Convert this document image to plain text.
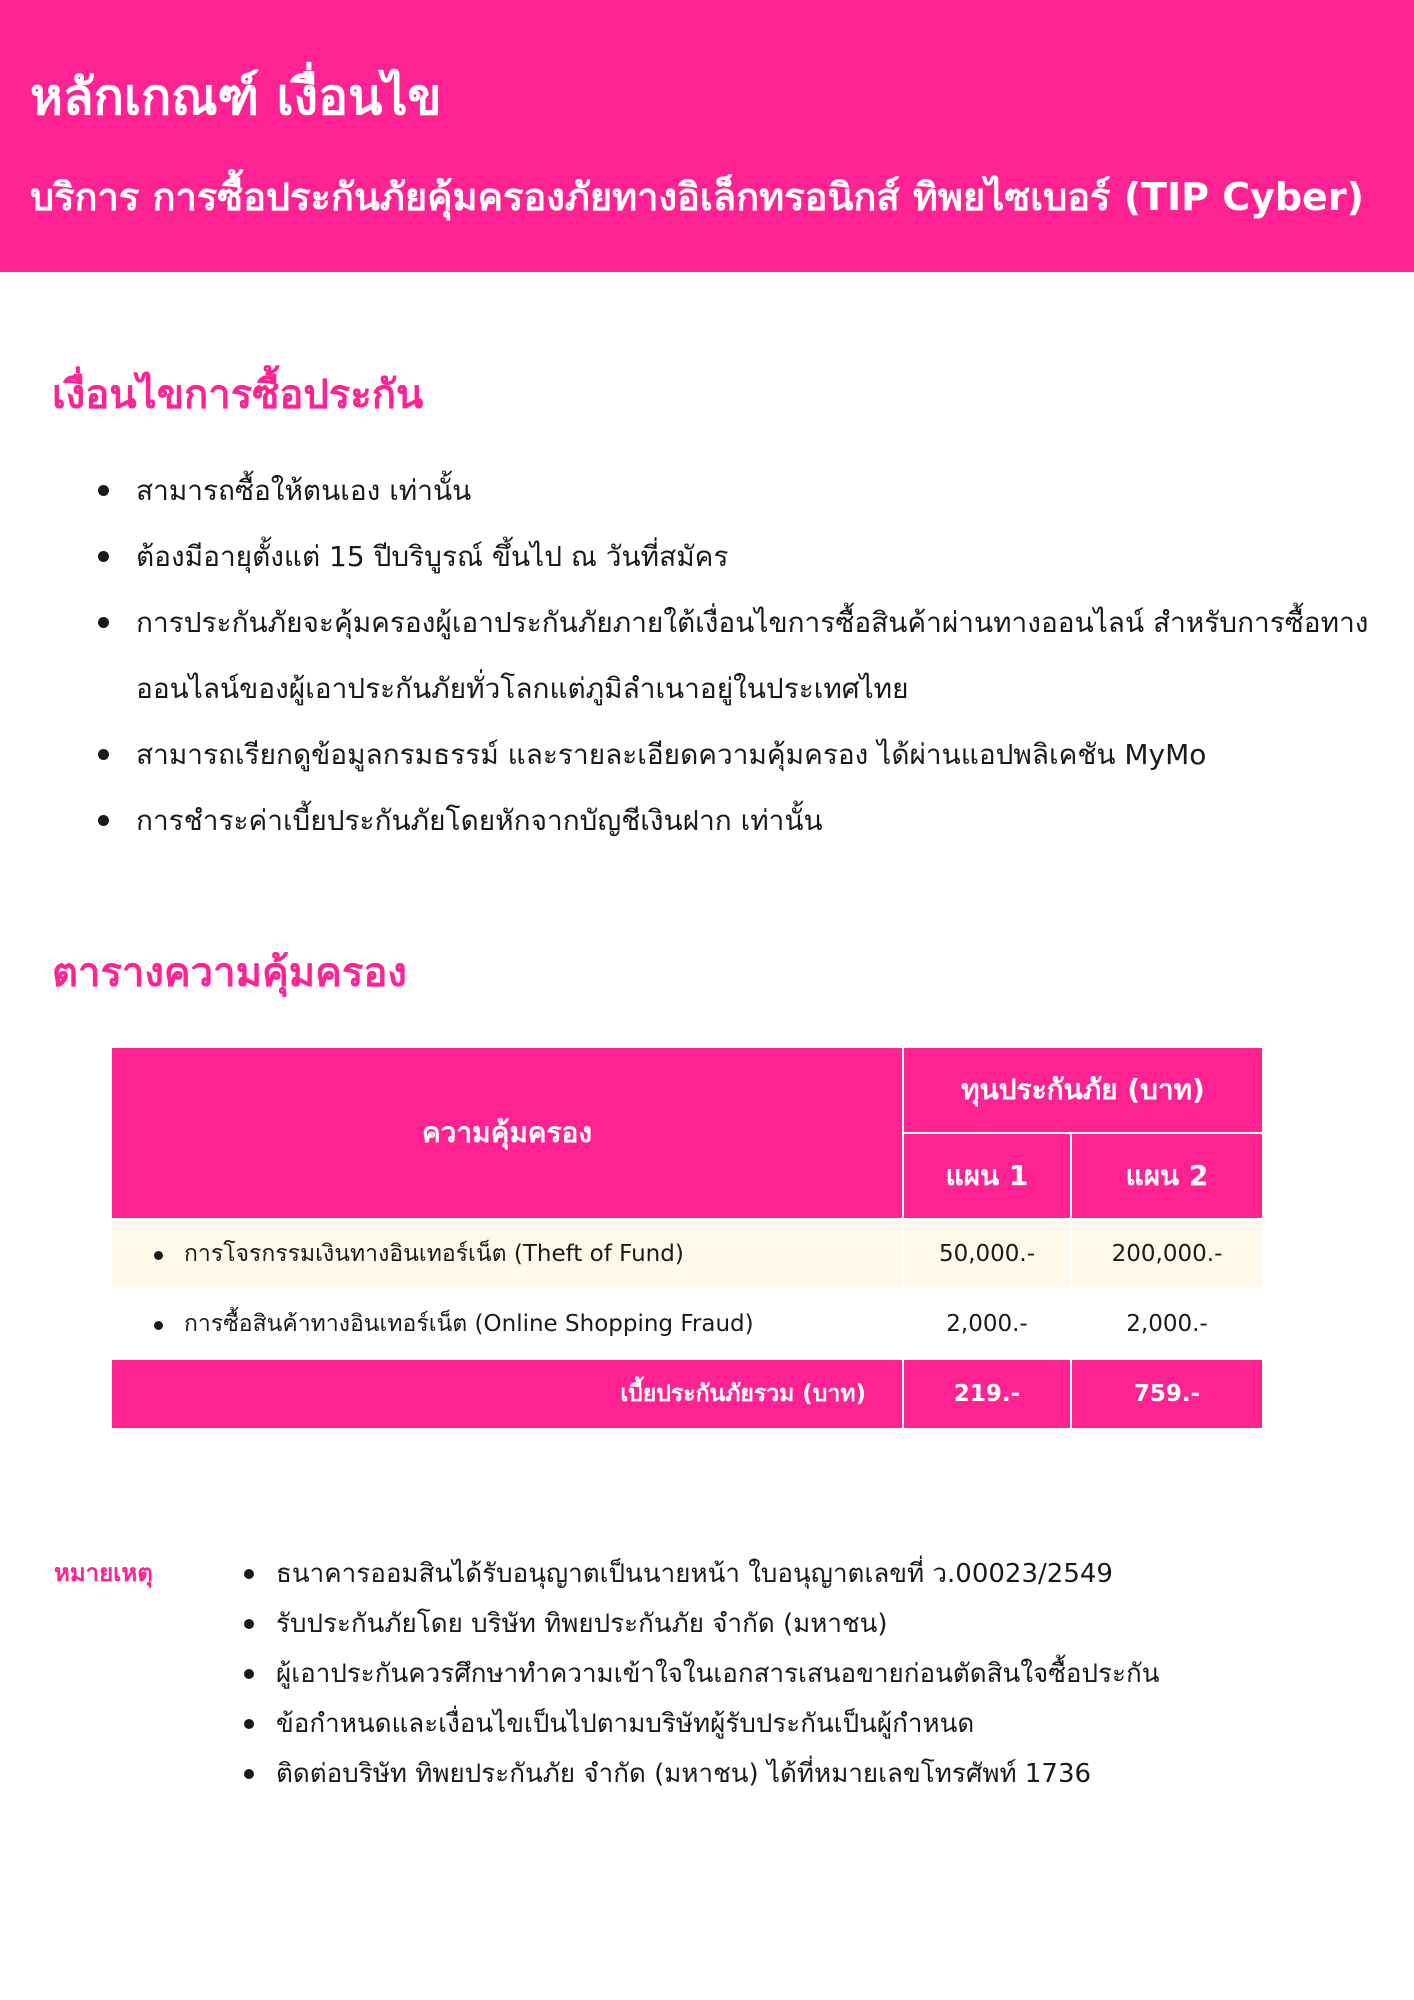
หลักเกณฑ์ เงื่อนไข
บริการ การซื้อประกันภัยคุ้มครองภัยทางอิเล็กทรอนิกส์ ทิพยไซเบอร์ (TIP Cyber)
เงื่อนไขการซื้อประกัน
สามารถซื้อให้ตนเอง เท่านั้น
ต้องมีอายุตั้งแต่ 15 ปีบริบูรณ์ ขึ้นไป ณ วันที่สมัคร
การประกันภัยจะคุ้มครองผู้เอาประกันภัยภายใต้เงื่อนไขการซื้อสินค้าผ่านทางออนไลน์ สำหรับการซื้อทาง
ออนไลน์ของผู้เอาประกันภัยทั่วโลกแต่ภูมิลำเนาอยู่ในประเทศไทย
สามารถเรียกดูข้อมูลกรมธรรม์ และรายละเอียดความคุ้มครอง ได้ผ่านแอปพลิเคชัน MyMo
การชำระค่าเบี้ยประกันภัยโดยหักจากบัญชีเงินฝาก เท่านั้น
ตารางความคุ้มครอง
ความคุ้มครอง	ทุนประกันภัย (บาท)	
	แผน 1	แผน 2

การโจรกรรมเงินทางอินเทอร์เน็ต (Theft of Fund)	50,000.-	200,000.-

การซื้อสินค้าทางอินเทอร์เน็ต (Online Shopping Fraud)	2,000.-	2,000.-
เบี้ยประกันภัยรวม (บาท)	219.-	759.-
หมายเหตุ	ธนาคารออมสินได้รับอนุญาตเป็นนายหน้า ใบอนุญาตเลขที่ ว.00023/2549
รับประกันภัยโดย บริษัท ทิพยประกันภัย จำกัด (มหาชน)
ผู้เอาประกันควรศึกษาทำความเข้าใจในเอกสารเสนอขายก่อนตัดสินใจซื้อประกัน
ข้อกำหนดและเงื่อนไขเป็นไปตามบริษัทผู้รับประกันเป็นผู้กำหนด
ติดต่อบริษัท ทิพยประกันภัย จำกัด (มหาชน) ได้ที่หมายเลขโทรศัพท์ 1736
